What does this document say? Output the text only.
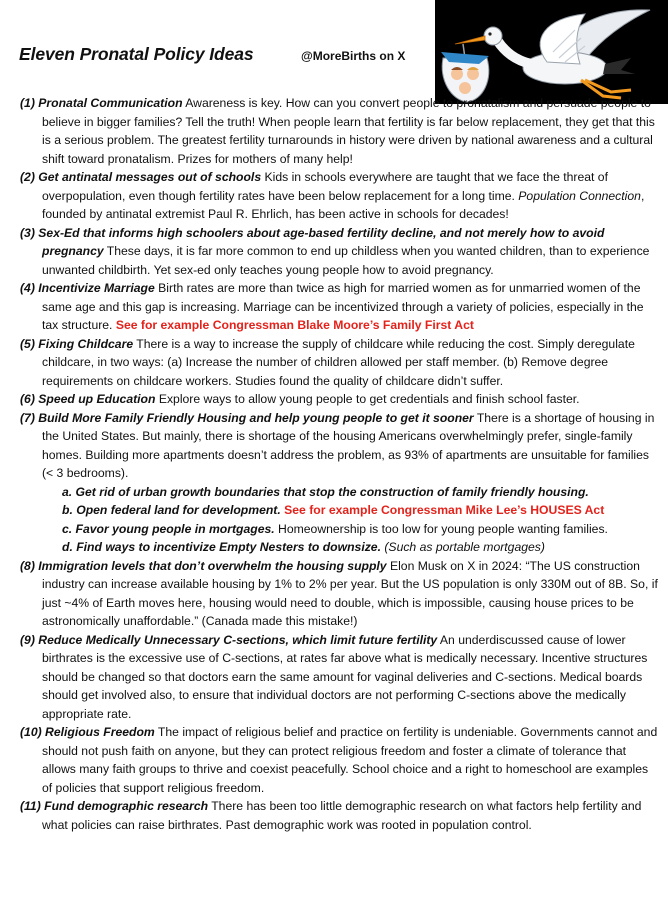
Eleven Pronatal Policy Ideas	@MoreBirths on X

(1) Pronatal Communication Awareness is key. How can you convert people to pronatalism and persuade people to believe in bigger families? Tell the truth! When people learn that fertility is far below replacement, they get that this is a serious problem. The greatest fertility turnarounds in history were driven by national awareness and a cultural shift toward pronatalism. Prizes for mothers of many help!

(2) Get antinatal messages out of schools Kids in schools everywhere are taught that we face the threat of overpopulation, even though fertility rates have been below replacement for a long time. Population Connection, founded by antinatal extremist Paul R. Ehrlich, has been active in schools for decades!

(3) Sex-Ed that informs high schoolers about age-based fertility decline, and not merely how to avoid pregnancy These days, it is far more common to end up childless when you wanted children, than to experience unwanted childbirth. Yet sex-ed only teaches young people how to avoid pregnancy.

(4) Incentivize Marriage Birth rates are more than twice as high for married women as for unmarried women of the same age and this gap is increasing. Marriage can be incentivized through a variety of policies, especially in the tax structure. See for example Congressman Blake Moore’s Family First Act

(5) Fixing Childcare There is a way to increase the supply of childcare while reducing the cost. Simply deregulate childcare, in two ways: (a) Increase the number of children allowed per staff member. (b) Remove degree requirements on childcare workers. Studies found the quality of childcare didn’t suffer.

(6) Speed up Education Explore ways to allow young people to get credentials and finish school faster.

(7) Build More Family Friendly Housing and help young people to get it sooner There is a shortage of housing in the United States. But mainly, there is shortage of the housing Americans overwhelmingly prefer, single-family homes. Building more apartments doesn’t address the problem, as 93% of apartments are unsuitable for families (< 3 bedrooms).

a. Get rid of urban growth boundaries that stop the construction of family friendly housing.

b. Open federal land for development. See for example Congressman Mike Lee’s HOUSES Act

c. Favor young people in mortgages. Homeownership is too low for young people wanting families.

d. Find ways to incentivize Empty Nesters to downsize. (Such as portable mortgages)

(8) Immigration levels that don’t overwhelm the housing supply Elon Musk on X in 2024: “The US construction industry can increase available housing by 1% to 2% per year. But the US population is only 330M out of 8B. So, if just ~4% of Earth moves here, housing would need to double, which is impossible, causing house prices to be astronomically unaffordable.” (Canada made this mistake!)

(9) Reduce Medically Unnecessary C-sections, which limit future fertility An underdiscussed cause of lower birthrates is the excessive use of C-sections, at rates far above what is medically necessary. Incentive structures should be changed so that doctors earn the same amount for vaginal deliveries and C-sections. Medical boards should get involved also, to ensure that individual doctors are not performing C-sections above the medically appropriate rate.

(10) Religious Freedom The impact of religious belief and practice on fertility is undeniable. Governments cannot and should not push faith on anyone, but they can protect religious freedom and foster a climate of tolerance that allows many faith groups to thrive and coexist peacefully. School choice and a right to homeschool are examples of policies that support religious freedom.

(11) Fund demographic research There has been too little demographic research on what factors help fertility and what policies can raise birthrates. Past demographic work was rooted in population control.
